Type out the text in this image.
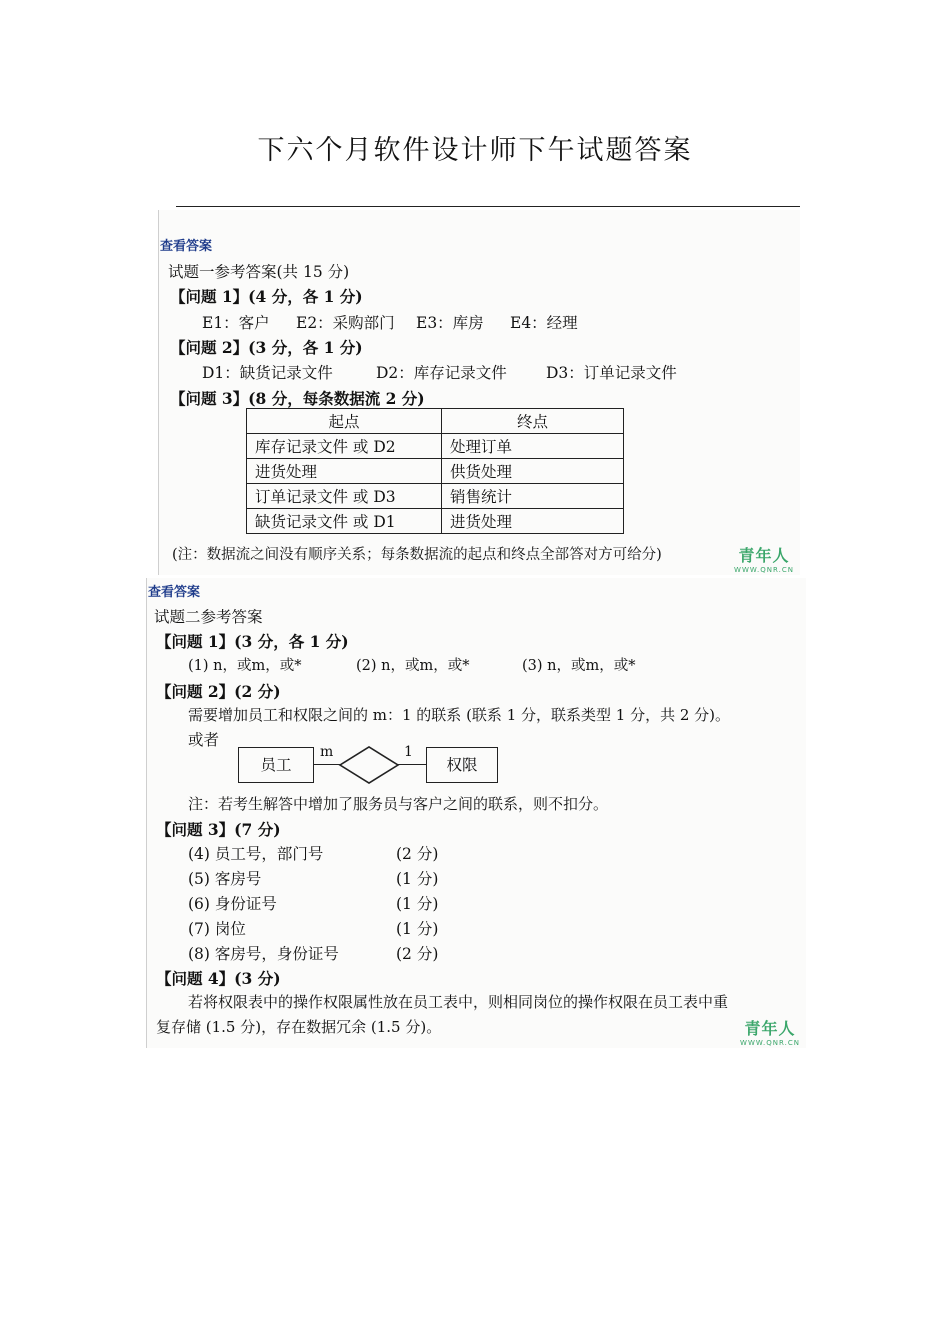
下六个月软件设计师下午试题答案
查看答案
试题一参考答案(共 15 分)
【问题 1】(4 分，各 1 分)
E1：客户 E2：采购部门 E3：库房 E4：经理
【问题 2】(3 分，各 1 分)
D1：缺货记录文件	D2：库存记录文件	D3：订单记录文件
【问题 3】(8 分，每条数据流 2 分)
起点	终点
库存记录文件 或 D2	处理订单
进货处理	供货处理
订单记录文件 或 D3	销售统计
缺货记录文件 或 D1	进货处理
(注：数据流之间没有顺序关系；每条数据流的起点和终点全部答对方可给分)	青年人
WWW.QNR.CN
查看答案
试题二参考答案
【问题 1】(3 分，各 1 分)
(1) n，或m，或*	(2) n，或m，或*	(3) n，或m，或*
【问题 2】(2 分)
需要增加员工和权限之间的 m：1 的联系 (联系 1 分，联系类型 1 分，共 2 分)。
或者
员工	权限
m	1
注：若考生解答中增加了服务员与客户之间的联系，则不扣分。
【问题 3】(7 分)
(4) 员工号，部门号	(2 分)
(5) 客房号	(1 分)
(6) 身份证号	(1 分)
(7) 岗位	(1 分)
(8) 客房号，身份证号	(2 分)
【问题 4】(3 分)
若将权限表中的操作权限属性放在员工表中，则相同岗位的操作权限在员工表中重
复存储 (1.5 分)，存在数据冗余 (1.5 分)。	青年人
WWW.QNR.CN
